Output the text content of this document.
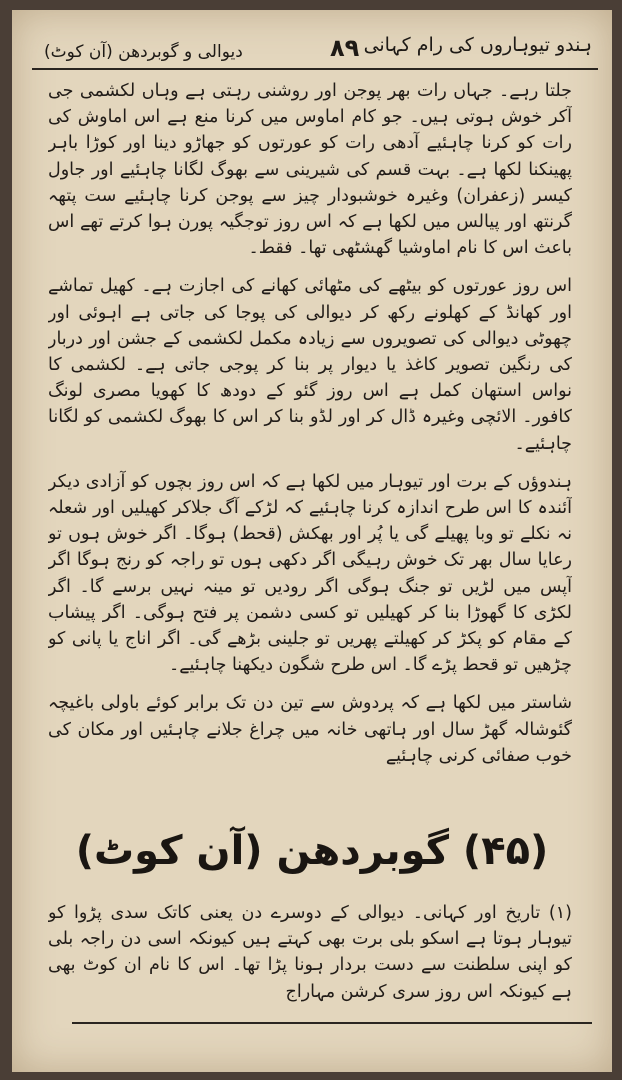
دیوالی و گوبردھن (آن کوٹ)	۸۹ ہندو تیوہاروں کی رام کہانی

جلتا رہے۔ جہاں رات بھر پوجن اور روشنی رہتی ہے وہاں لکشمی جی آکر خوش ہوتی ہیں۔ جو کام اماوس میں کرنا منع ہے اس اماوش کی رات کو کرنا چاہئیے آدھی رات کو عورتوں کو جھاڑو دینا اور کوڑا باہر پھینکنا لکھا ہے۔ بہت قسم کی شیرینی سے بھوگ لگانا چاہئیے اور جاول کیسر (زعفران) وغیرہ خوشبودار چیز سے پوجن کرنا چاہئیے ست پتھہ گرنتھ اور پیالس میں لکھا ہے کہ اس روز توجگیہ پورن ہوا کرتے تھے اس باعث اس کا نام اماوشیا گھشٹھی تھا۔ فقط۔

اس روز عورتوں کو بیٹھے کی مٹھائی کھانے کی اجازت ہے۔ کھیل تماشے اور کھانڈ کے کھلونے رکھ کر دیوالی کی پوجا کی جاتی ہے اہوئی اور چھوٹی دیوالی کی تصویروں سے زیادہ مکمل لکشمی کے جشن اور دربار کی رنگین تصویر کاغذ یا دیوار پر بنا کر پوجی جاتی ہے۔ لکشمی کا نواس استھان کمل ہے اس روز گئو کے دودھ کا کھویا مصری لونگ کافور۔ الائچی وغیرہ ڈال کر اور لڈو بنا کر اس کا بھوگ لکشمی کو لگانا چاہئیے۔

ہندوؤں کے برت اور تیوہار میں لکھا ہے کہ اس روز بچوں کو آزادی دیکر آئندہ کا اس طرح اندازہ کرنا چاہئیے کہ لڑکے آگ جلاکر کھیلیں اور شعلہ نہ نکلے تو وبا پھیلے گی یا پُر اور بھکش (قحط) ہوگا۔ اگر خوش ہوں تو رعایا سال بھر تک خوش رہیگی اگر دکھی ہوں تو راجہ کو رنج ہوگا اگر آپس میں لڑیں تو جنگ ہوگی اگر رودیں تو مینہ نہیں برسے گا۔ اگر لکڑی کا گھوڑا بنا کر کھیلیں تو کسی دشمن پر فتح ہوگی۔ اگر پیشاب کے مقام کو پکڑ کر کھیلتے پھریں تو جلینی بڑھے گی۔ اگر اناج یا پانی کو چڑھیں تو قحط پڑے گا۔ اس طرح شگون دیکھنا چاہئیے۔

شاستر میں لکھا ہے کہ پردوش سے تین دن تک برابر کوئے باولی باغیچہ گئوشالہ گھڑ سال اور ہاتھی خانہ میں چراغ جلانے چاہئیں اور مکان کی خوب صفائی کرنی چاہئیے

(۴۵) گوبردھن (آن کوٹ)

(۱) تاریخ اور کہانی۔ دیوالی کے دوسرے دن یعنی کاتک سدی پڑوا کو تیوہار ہوتا ہے اسکو بلی برت بھی کہتے ہیں کیونکہ اسی دن راجہ بلی کو اپنی سلطنت سے دست بردار ہونا پڑا تھا۔ اس کا نام ان کوٹ بھی ہے کیونکہ اس روز سری کرشن مہاراج
